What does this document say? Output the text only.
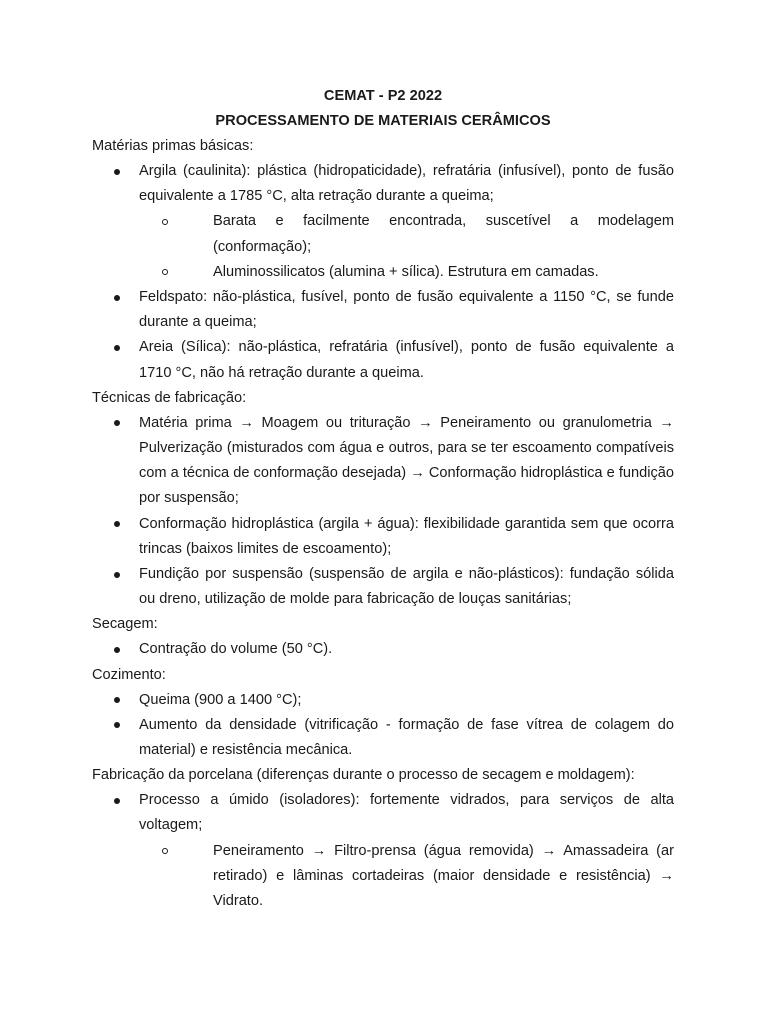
CEMAT - P2 2022
PROCESSAMENTO DE MATERIAIS CERÂMICOS
Matérias primas básicas:
Argila (caulinita): plástica (hidropaticidade), refratária (infusível), ponto de fusão equivalente a 1785 °C, alta retração durante a queima;
Barata e facilmente encontrada, suscetível a modelagem (conformação);
Aluminossilicatos (alumina + sílica). Estrutura em camadas.
Feldspato: não-plástica, fusível, ponto de fusão equivalente a 1150 °C, se funde durante a queima;
Areia (Sílica): não-plástica, refratária (infusível), ponto de fusão equivalente a 1710 °C, não há retração durante a queima.
Técnicas de fabricação:
Matéria prima → Moagem ou trituração → Peneiramento ou granulometria → Pulverização (misturados com água e outros, para se ter escoamento compatíveis com a técnica de conformação desejada) → Conformação hidroplástica e fundição por suspensão;
Conformação hidroplástica (argila + água): flexibilidade garantida sem que ocorra trincas (baixos limites de escoamento);
Fundição por suspensão (suspensão de argila e não-plásticos): fundação sólida ou dreno, utilização de molde para fabricação de louças sanitárias;
Secagem:
Contração do volume (50 °C).
Cozimento:
Queima (900 a 1400 °C);
Aumento da densidade (vitrificação - formação de fase vítrea de colagem do material) e resistência mecânica.
Fabricação da porcelana (diferenças durante o processo de secagem e moldagem):
Processo a úmido (isoladores): fortemente vidrados, para serviços de alta voltagem;
Peneiramento → Filtro-prensa (água removida) → Amassadeira (ar retirado) e lâminas cortadeiras (maior densidade e resistência) → Vidrato.
